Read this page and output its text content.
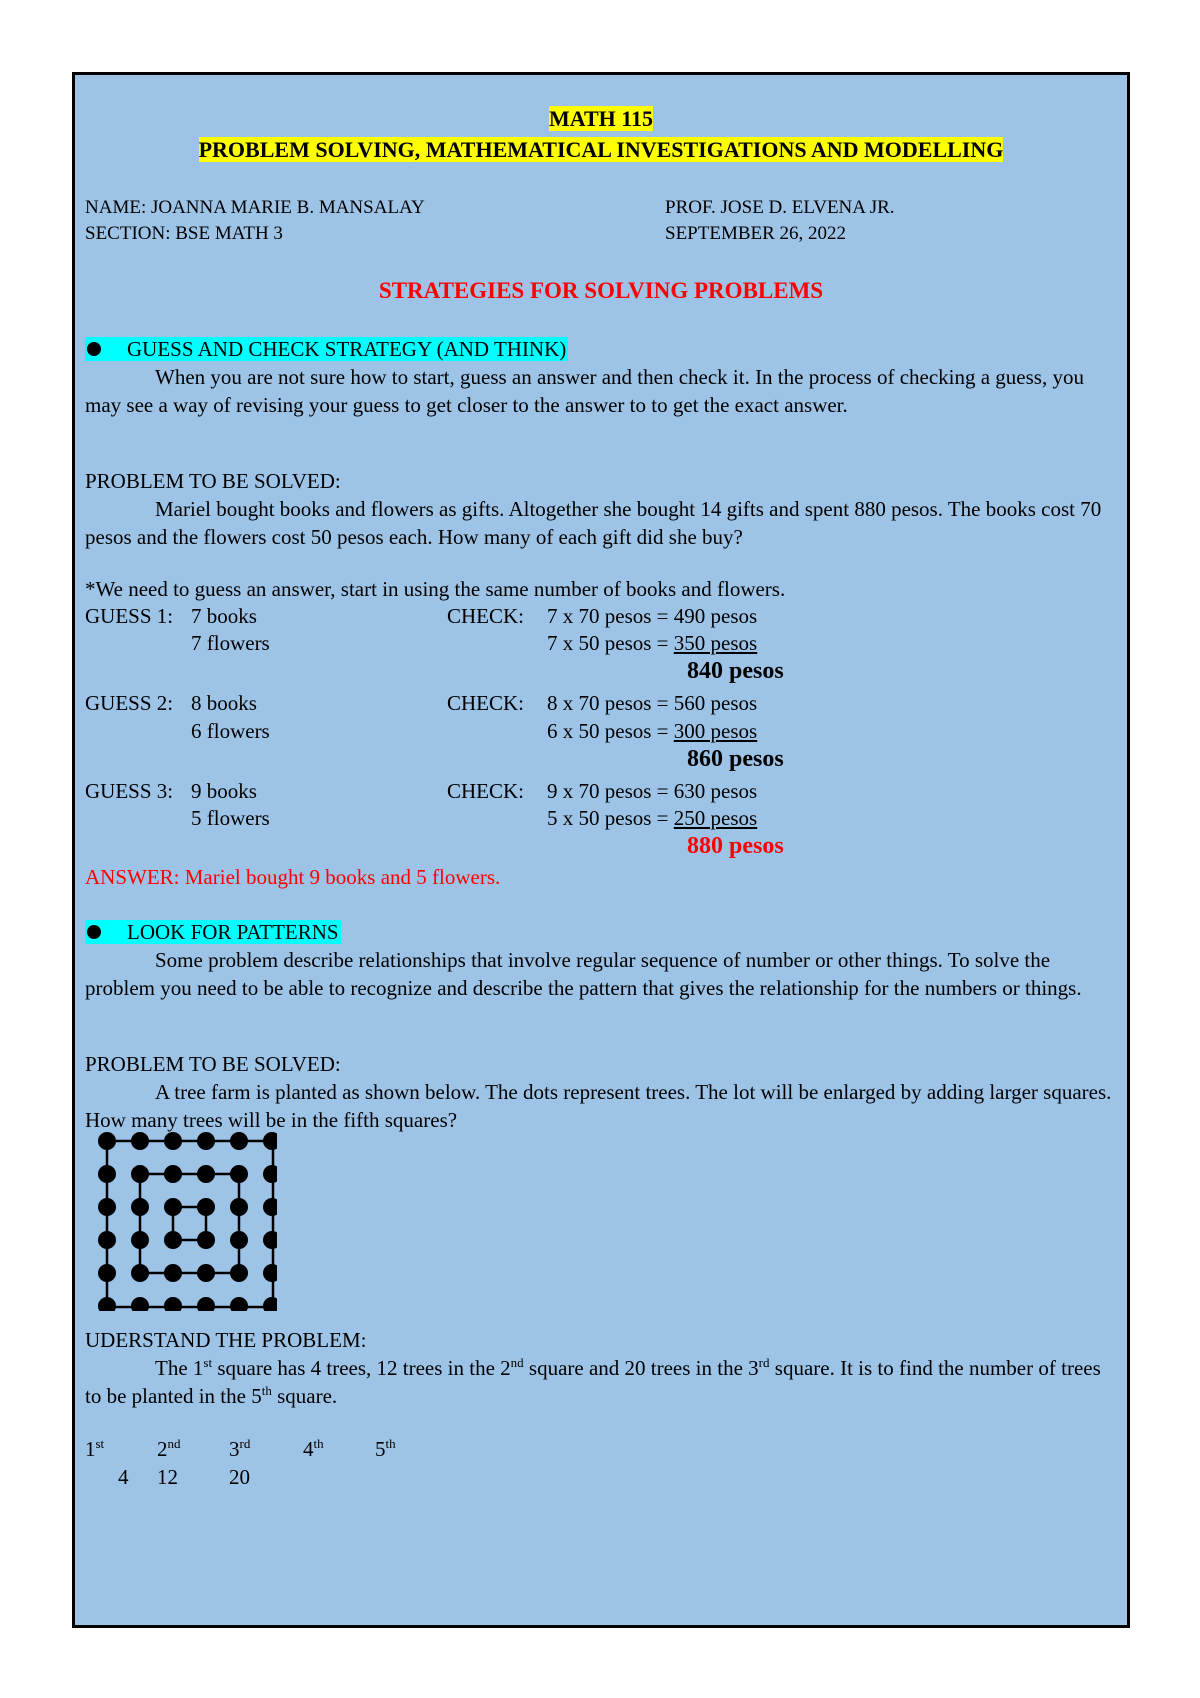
MATH 115
PROBLEM SOLVING, MATHEMATICAL INVESTIGATIONS AND MODELLING
NAME: JOANNA MARIE B. MANSALAY
SECTION: BSE MATH 3
PROF. JOSE D. ELVENA JR.
SEPTEMBER 26, 2022
STRATEGIES FOR SOLVING PROBLEMS
GUESS AND CHECK STRATEGY (AND THINK)
When you are not sure how to start, guess an answer and then check it. In the process of checking a guess, you may see a way of revising your guess to get closer to the answer to to get the exact answer.
PROBLEM TO BE SOLVED:
Mariel bought books and flowers as gifts. Altogether she bought 14 gifts and spent 880 pesos. The books cost 70 pesos and the flowers cost 50 pesos each. How many of each gift did she buy?
*We need to guess an answer, start in using the same number of books and flowers.
GUESS 1: 7 books
7 flowers
CHECK: 7 x 70 pesos = 490 pesos
7 x 50 pesos = 350 pesos
840 pesos
GUESS 2: 8 books
6 flowers
CHECK: 8 x 70 pesos = 560 pesos
6 x 50 pesos = 300 pesos
860 pesos
GUESS 3: 9 books
5 flowers
CHECK: 9 x 70 pesos = 630 pesos
5 x 50 pesos = 250 pesos
880 pesos
ANSWER: Mariel bought 9 books and 5 flowers.
LOOK FOR PATTERNS
Some problem describe relationships that involve regular sequence of number or other things. To solve the problem you need to be able to recognize and describe the pattern that gives the relationship for the numbers or things.
PROBLEM TO BE SOLVED:
A tree farm is planted as shown below. The dots represent trees. The lot will be enlarged by adding larger squares. How many trees will be in the fifth squares?
UDERSTAND THE PROBLEM:
The 1st square has 4 trees, 12 trees in the 2nd square and 20 trees in the 3rd square. It is to find the number of trees to be planted in the 5th square.
1st	2nd 3rd	4th 5th
4 12 20
